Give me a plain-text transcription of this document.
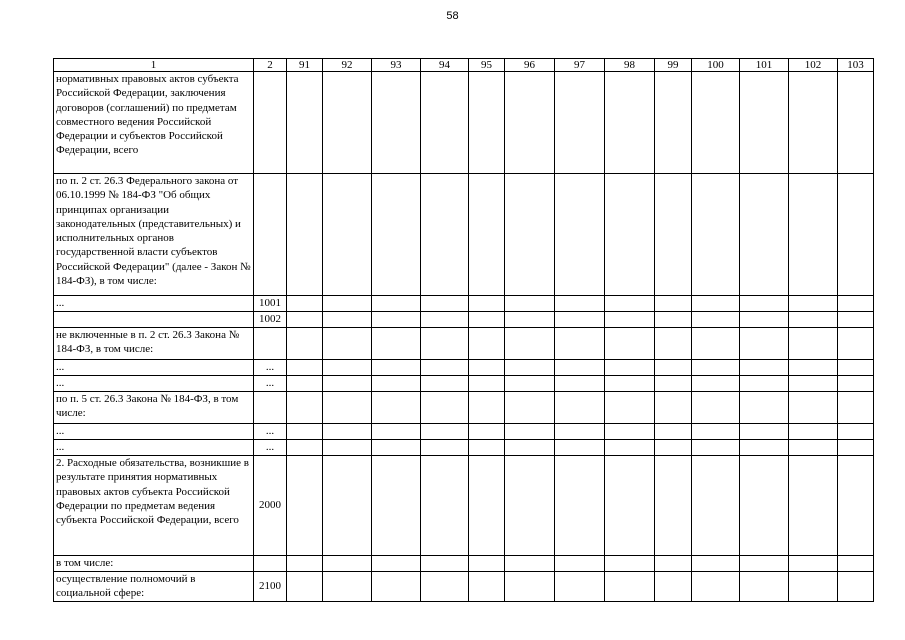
58
1	2	91	92	93	94	95	96	97	98	99	100	101	102	103
нормативных правовых актов субъекта Российской Федерации, заключения договоров (соглашений) по предметам совместного ведения Российской Федерации и субъектов Российской Федерации, всего														
по п. 2 ст. 26.3 Федерального закона от 06.10.1999 № 184-ФЗ "Об общих принципах организации законодательных (представительных) и исполнительных органов государственной власти субъектов Российской Федерации" (далее - Закон № 184-ФЗ), в том числе:														
...	1001													
	1002													
не включенные в п. 2 ст. 26.3 Закона № 184-ФЗ, в том числе:														
...	...													
...	...													
по п. 5 ст. 26.3 Закона № 184-ФЗ, в том числе:														
...	...													
...	...													
2. Расходные обязательства, возникшие в результате принятия нормативных правовых актов субъекта Российской Федерации по предметам ведения субъекта Российской Федерации, всего	2000													
в том числе:														
осуществление полномочий в социальной сфере:	2100													
